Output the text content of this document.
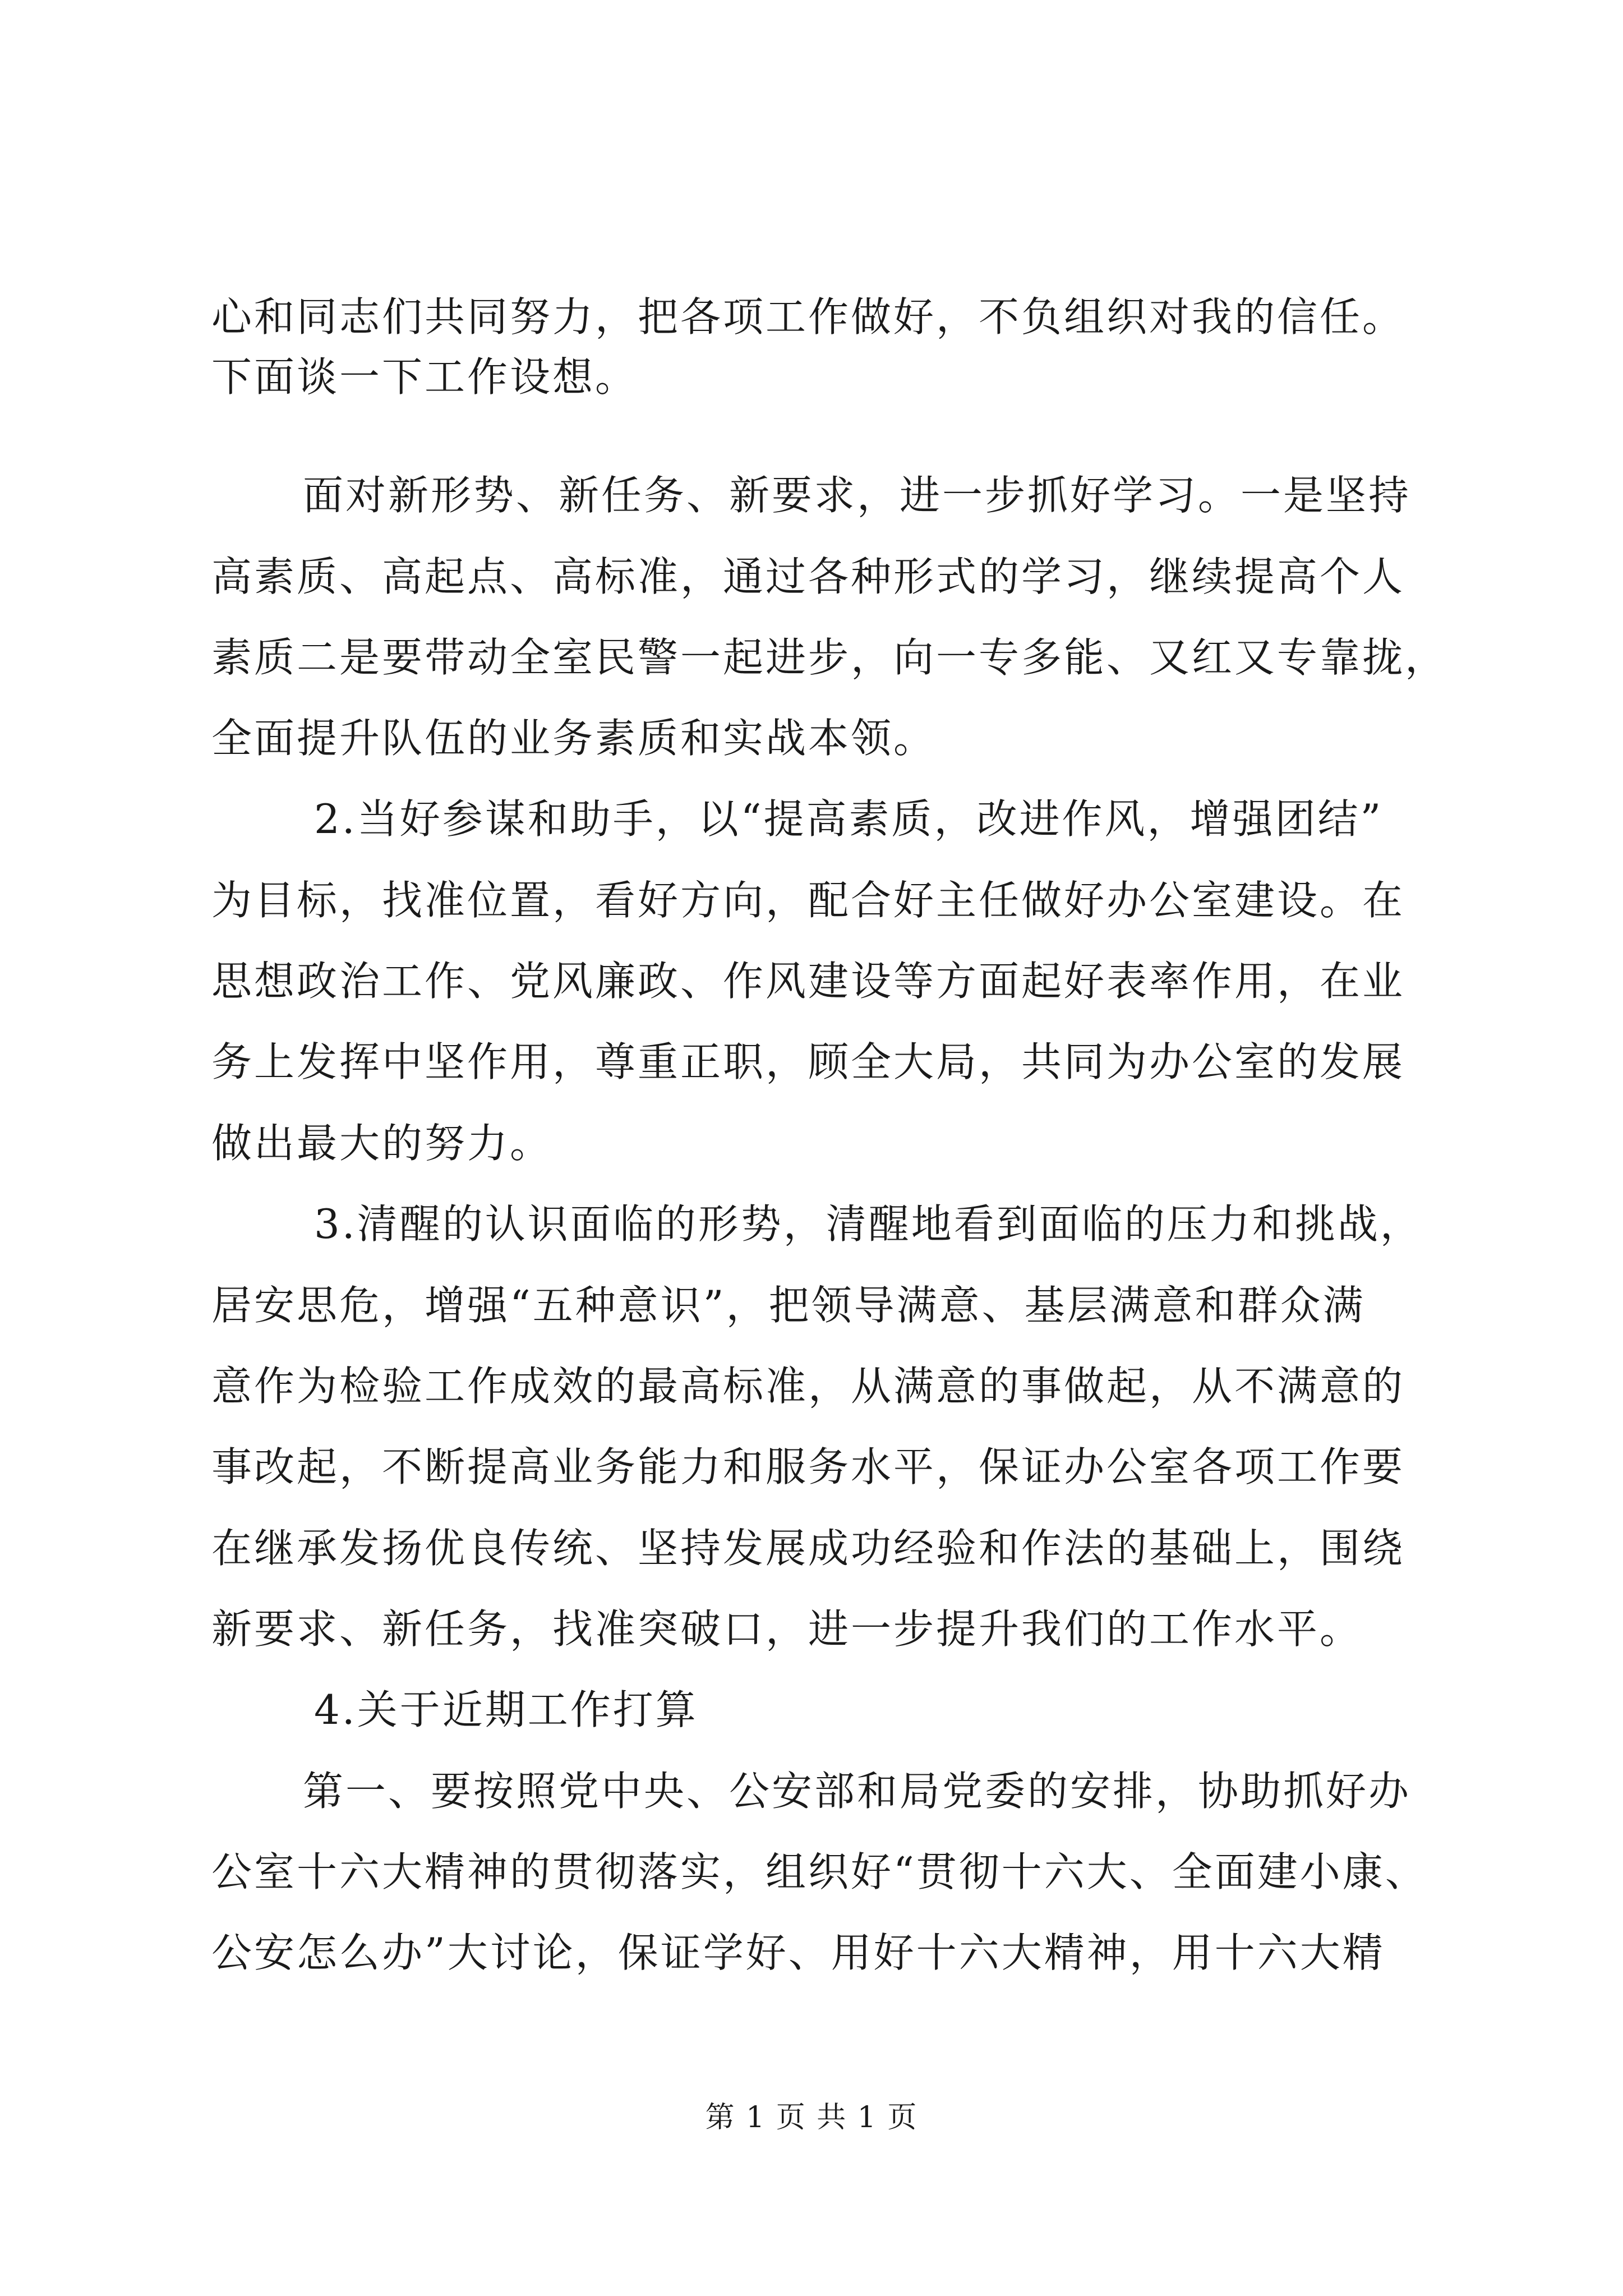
心和同志们共同努力，把各项工作做好，不负组织对我的信任。
下面谈一下工作设想。
面对新形势、新任务、新要求，进一步抓好学习。一是坚持
高素质、高起点、高标准，通过各种形式的学习，继续提高个人
素质二是要带动全室民警一起进步，向一专多能、又红又专靠拢，
全面提升队伍的业务素质和实战本领。
2.当好参谋和助手，以“提高素质，改进作风，增强团结”
为目标，找准位置，看好方向，配合好主任做好办公室建设。在
思想政治工作、党风廉政、作风建设等方面起好表率作用，在业
务上发挥中坚作用，尊重正职，顾全大局，共同为办公室的发展
做出最大的努力。
3.清醒的认识面临的形势，清醒地看到面临的压力和挑战，
居安思危，增强“五种意识”，把领导满意、基层满意和群众满
意作为检验工作成效的最高标准，从满意的事做起，从不满意的
事改起，不断提高业务能力和服务水平，保证办公室各项工作要
在继承发扬优良传统、坚持发展成功经验和作法的基础上，围绕
新要求、新任务，找准突破口，进一步提升我们的工作水平。
4.关于近期工作打算
第一、要按照党中央、公安部和局党委的安排，协助抓好办
公室十六大精神的贯彻落实，组织好“贯彻十六大、全面建小康、
公安怎么办”大讨论，保证学好、用好十六大精神，用十六大精
第 1 页 共 1 页
